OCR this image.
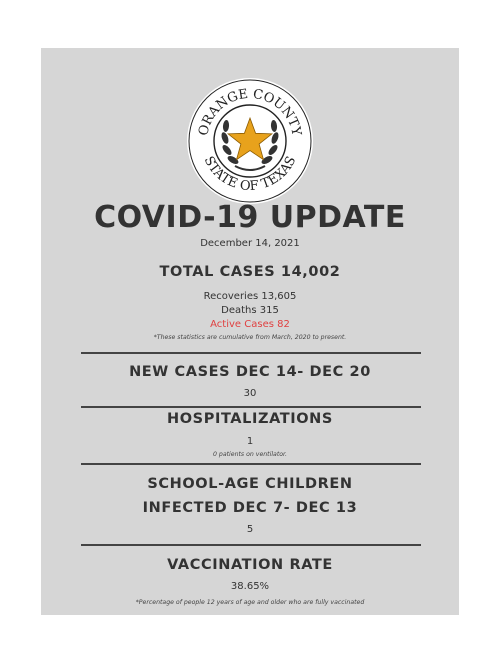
ORANGE COUNTY
STATE OF TEXAS
COVID-19 UPDATE
December 14, 2021
TOTAL CASES 14,002
Recoveries 13,605
Deaths 315
Active Cases 82
*These statistics are cumulative from March, 2020 to present.
NEW CASES DEC 14- DEC 20
30
HOSPITALIZATIONS
1
0 patients on ventilator.
SCHOOL-AGE CHILDREN
INFECTED DEC 7- DEC 13
5
VACCINATION RATE
38.65%
*Percentage of people 12 years of age and older who are fully vaccinated
